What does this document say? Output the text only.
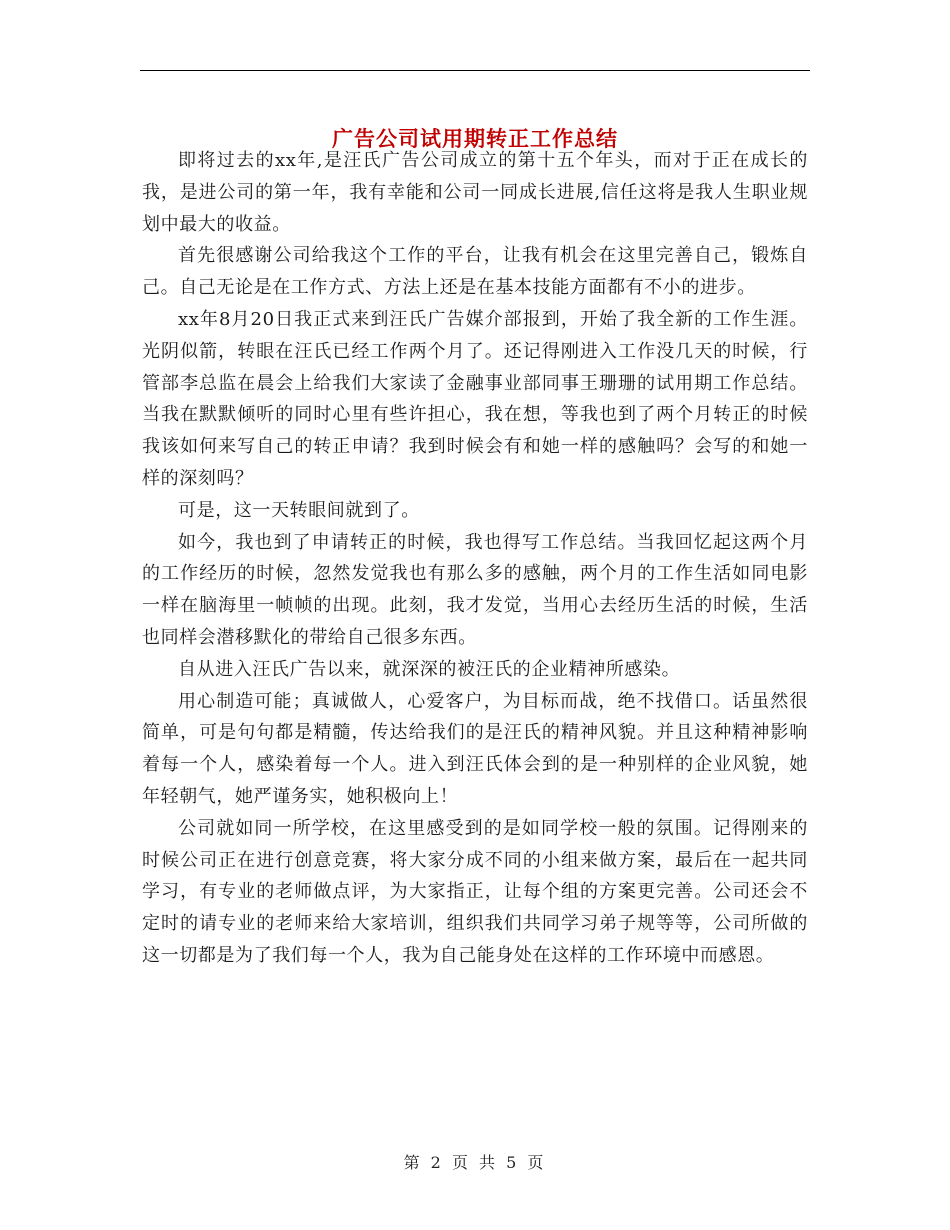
广告公司试用期转正工作总结

即将过去的xx年,是汪氏广告公司成立的第十五个年头，而对于正在成长的我，是进公司的第一年，我有幸能和公司一同成长进展,信任这将是我人生职业规划中最大的收益。

首先很感谢公司给我这个工作的平台，让我有机会在这里完善自己，锻炼自己。自己无论是在工作方式、方法上还是在基本技能方面都有不小的进步。

xx年8月20日我正式来到汪氏广告媒介部报到，开始了我全新的工作生涯。光阴似箭，转眼在汪氏已经工作两个月了。还记得刚进入工作没几天的时候，行管部李总监在晨会上给我们大家读了金融事业部同事王珊珊的试用期工作总结。当我在默默倾听的同时心里有些许担心，我在想，等我也到了两个月转正的时候我该如何来写自己的转正申请？我到时候会有和她一样的感触吗？会写的和她一样的深刻吗？

可是，这一天转眼间就到了。

如今，我也到了申请转正的时候，我也得写工作总结。当我回忆起这两个月的工作经历的时候，忽然发觉我也有那么多的感触，两个月的工作生活如同电影一样在脑海里一帧帧的出现。此刻，我才发觉，当用心去经历生活的时候，生活也同样会潜移默化的带给自己很多东西。

自从进入汪氏广告以来，就深深的被汪氏的企业精神所感染。

用心制造可能；真诚做人，心爱客户，为目标而战，绝不找借口。话虽然很简单，可是句句都是精髓，传达给我们的是汪氏的精神风貌。并且这种精神影响着每一个人，感染着每一个人。进入到汪氏体会到的是一种别样的企业风貌，她年轻朝气，她严谨务实，她积极向上！

公司就如同一所学校，在这里感受到的是如同学校一般的氛围。记得刚来的时候公司正在进行创意竞赛，将大家分成不同的小组来做方案，最后在一起共同学习，有专业的老师做点评，为大家指正，让每个组的方案更完善。公司还会不定时的请专业的老师来给大家培训，组织我们共同学习弟子规等等，公司所做的这一切都是为了我们每一个人，我为自己能身处在这样的工作环境中而感恩。

第 2 页 共 5 页
